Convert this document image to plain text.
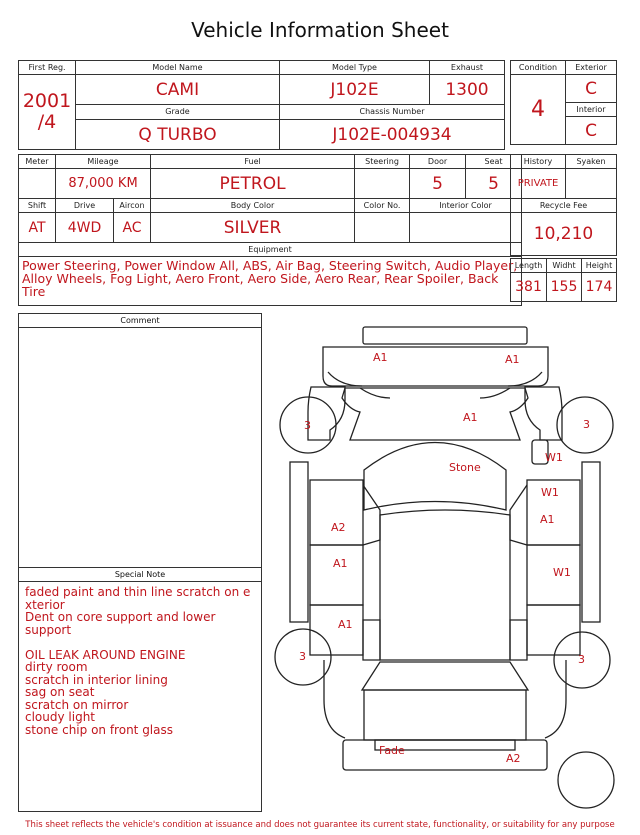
Vehicle Information Sheet
First Reg.	Model Name	Model Type	Exhaust

2001
/4	CAMI	J102E	1300
	Grade	Chassis Number	
	Q TURBO	J102E-004934	
Condition	Exterior
4	C
	Interior
	C
Meter	Mileage		Fuel	Steering	Door	Seat
	87,000 KM		PETROL		5	5
Shift	Drive	Aircon	Body Color	Color No.	Interior Color	
AT	4WD	AC	SILVER			
Equipment						
Power Steering, Power Window All, ABS, Air Bag, Steering Switch, Audio Player, Alloy Wheels, Fog Light, Aero Front, Aero Side, Aero Rear, Rear Spoiler, Back Tire						
History	Syaken
PRIVATE	
Recycle Fee	
10,210	
Length	Widht	Height
381	155	174
Comment
Special Note
faded paint and thin line scratch on e
xterior
Dent on core support and lower support
OIL LEAK AROUND ENGINE
dirty room
scratch in interior lining
sag on seat
scratch on mirror
cloudy light
stone chip on front glass
A1	A1
A1
Stone
W1
W1
A1
A2
A1
W1
A1
Fade
A2
3	3
3	3
This sheet reflects the vehicle's condition at issuance and does not guarantee its current state, functionality, or suitability for any purpose
